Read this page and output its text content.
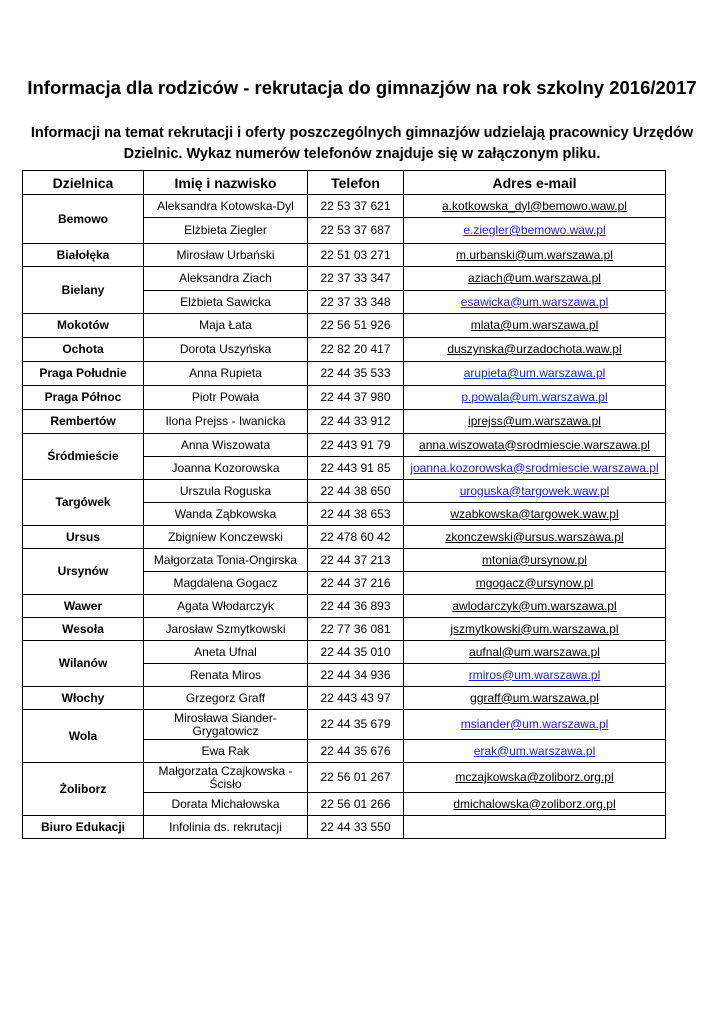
Informacja dla rodziców - rekrutacja do gimnazjów na rok szkolny 2016/2017
Informacji na temat rekrutacji i oferty poszczególnych gimnazjów udzielają pracownicy Urzędów Dzielnic. Wykaz numerów telefonów znajduje się w załączonym pliku.
Dzielnica	Imię i nazwisko	Telefon	Adres e-mail
Bemowo	Aleksandra Kotowska-Dyl	22 53 37 621	a.kotkowska_dyl@bemowo.waw.pl
	Elżbieta Ziegler	22 53 37 687	e.ziegler@bemowo.waw.pl
Białołęka	Mirosław Urbański	22 51 03 271	m.urbanski@um.warszawa.pl
Bielany	Aleksandra Ziach	22 37 33 347	aziach@um.warszawa.pl
	Elżbieta Sawicka	22 37 33 348	esawicka@um.warszawa.pl
Mokotów	Maja Łata	22 56 51 926	mlata@um.warszawa.pl
Ochota	Dorota Uszyńska	22 82 20 417	duszynska@urzadochota.waw.pl
Praga Południe	Anna Rupieta	22 44 35 533	arupieta@um.warszawa.pl
Praga Północ	Piotr Powała	22 44 37 980	p.powala@um.warszawa.pl
Rembertów	Ilona Prejss - Iwanicka	22 44 33 912	iprejss@um.warszawa.pl
Śródmieście	Anna Wiszowata	22 443 91 79	anna.wiszowata@srodmiescie.warszawa.pl
	Joanna Kozorowska	22 443 91 85	joanna.kozorowska@srodmiescie.warszawa.pl
Targówek	Urszula Roguska	22 44 38 650	uroguska@targowek.waw.pl
	Wanda Ząbkowska	22 44 38 653	wzabkowska@targowek.waw.pl
Ursus	Zbigniew Konczewski	22 478 60 42	zkonczewski@ursus.warszawa.pl
Ursynów	Małgorzata Tonia-Ongirska	22 44 37 213	mtonia@ursynow.pl
	Magdalena Gogacz	22 44 37 216	mgogacz@ursynow.pl
Wawer	Agata Włodarczyk	22 44 36 893	awlodarczyk@um.warszawa.pl
Wesoła	Jarosław Szmytkowski	22 77 36 081	jszmytkowski@um.warszawa.pl
Wilanów	Aneta Ufnal	22 44 35 010	aufnal@um.warszawa.pl
	Renata Miros	22 44 34 936	rmiros@um.warszawa.pl
Włochy	Grzegorz Graff	22 443 43 97	ggraff@um.warszawa.pl
Wola	Mirosława Siander-Grygatowicz	22 44 35 679	msiander@um.warszawa.pl
	Ewa Rak	22 44 35 676	erak@um.warszawa.pl
Żoliborz	Małgorzata Czajkowska - Ścisło	22 56 01 267	mczajkowska@zoliborz.org.pl
	Dorata Michałowska	22 56 01 266	dmichalowska@zoliborz.org.pl
Biuro Edukacji	Infolinia ds. rekrutacji	22 44 33 550	
